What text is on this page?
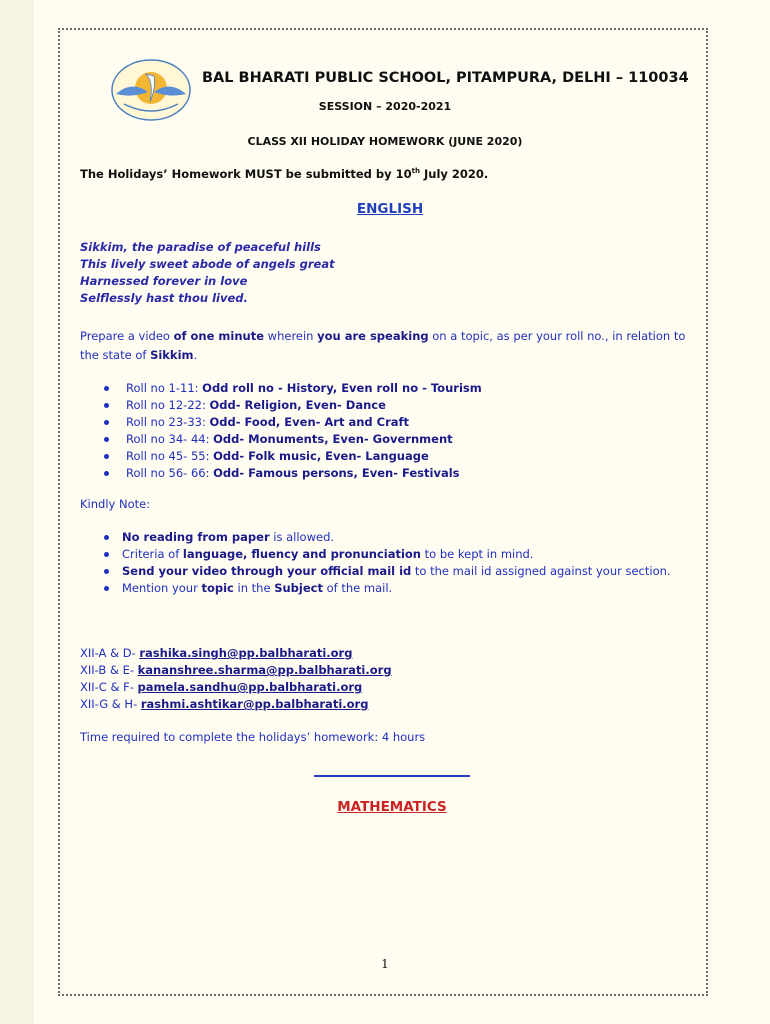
BAL BHARATI PUBLIC SCHOOL, PITAMPURA, DELHI – 110034
SESSION – 2020-2021
CLASS XII HOLIDAY HOMEWORK (JUNE 2020)
The Holidays’ Homework MUST be submitted by 10th July 2020.
ENGLISH
Sikkim, the paradise of peaceful hills
This lively sweet abode of angels great
Harnessed forever in love
Selflessly hast thou lived.
Prepare a video of one minute wherein you are speaking on a topic, as per your roll no., in relation to the state of Sikkim.
Roll no 1-11: Odd roll no - History, Even roll no - Tourism
Roll no 12-22: Odd- Religion, Even- Dance
Roll no 23-33: Odd- Food, Even- Art and Craft
Roll no 34- 44: Odd- Monuments, Even- Government
Roll no 45- 55: Odd- Folk music, Even- Language
Roll no 56- 66: Odd- Famous persons, Even- Festivals
Kindly Note:
No reading from paper is allowed.
Criteria of language, fluency and pronunciation to be kept in mind.
Send your video through your official mail id to the mail id assigned against your section.
Mention your topic in the Subject of the mail.
XII-A & D- rashika.singh@pp.balbharati.org
XII-B & E- kananshree.sharma@pp.balbharati.org
XII-C & F- pamela.sandhu@pp.balbharati.org
XII-G & H- rashmi.ashtikar@pp.balbharati.org
Time required to complete the holidays’ homework: 4 hours
MATHEMATICS
1
